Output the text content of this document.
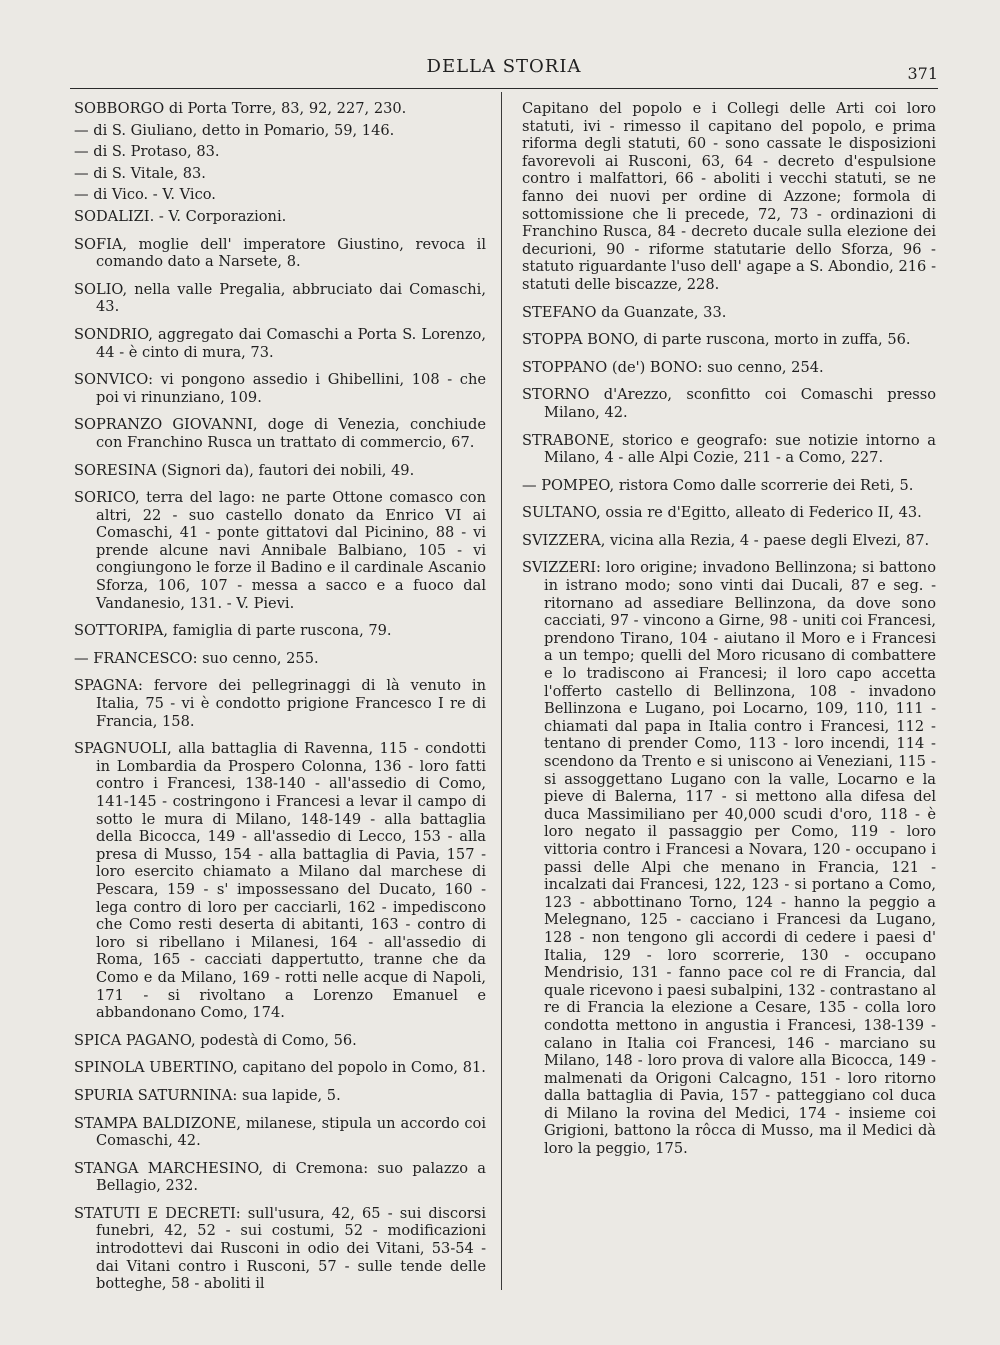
DELLA STORIA	371

SOBBORGO di Porta Torre, 83, 92, 227, 230.

— di S. Giuliano, detto in Pomario, 59, 146.

— di S. Protaso, 83.

— di S. Vitale, 83.

— di Vico. - V. Vico.

SODALIZI. - V. Corporazioni.

SOFIA, moglie dell' imperatore Giustino, revoca il comando dato a Narsete, 8.

SOLIO, nella valle Pregalia, abbruciato dai Comaschi, 43.

SONDRIO, aggregato dai Comaschi a Porta S. Lorenzo, 44 - è cinto di mura, 73.

SONVICO: vi pongono assedio i Ghibellini, 108 - che poi vi rinunziano, 109.

SOPRANZO GIOVANNI, doge di Venezia, conchiude con Franchino Rusca un trattato di commercio, 67.

SORESINA (Signori da), fautori dei nobili, 49.

SORICO, terra del lago: ne parte Ottone comasco con altri, 22 - suo castello donato da Enrico VI ai Comaschi, 41 - ponte gittatovi dal Picinino, 88 - vi prende alcune navi Annibale Balbiano, 105 - vi congiungono le forze il Badino e il cardinale Ascanio Sforza, 106, 107 - messa a sacco e a fuoco dal Vandanesio, 131. - V. Pievi.

SOTTORIPA, famiglia di parte ruscona, 79.

— FRANCESCO: suo cenno, 255.

SPAGNA: fervore dei pellegrinaggi di là venuto in Italia, 75 - vi è condotto prigione Francesco I re di Francia, 158.

SPAGNUOLI, alla battaglia di Ravenna, 115 - condotti in Lombardia da Prospero Colonna, 136 - loro fatti contro i Francesi, 138-140 - all'assedio di Como, 141-145 - costringono i Francesi a levar il campo di sotto le mura di Milano, 148-149 - alla battaglia della Bicocca, 149 - all'assedio di Lecco, 153 - alla presa di Musso, 154 - alla battaglia di Pavia, 157 - loro esercito chiamato a Milano dal marchese di Pescara, 159 - s' impossessano del Ducato, 160 - lega contro di loro per cacciarli, 162 - impediscono che Como resti deserta di abitanti, 163 - contro di loro si ribellano i Milanesi, 164 - all'assedio di Roma, 165 - cacciati dappertutto, tranne che da Como e da Milano, 169 - rotti nelle acque di Napoli, 171 - si rivoltano a Lorenzo Emanuel e abbandonano Como, 174.

SPICA PAGANO, podestà di Como, 56.

SPINOLA UBERTINO, capitano del popolo in Como, 81.

SPURIA SATURNINA: sua lapide, 5.

STAMPA BALDIZONE, milanese, stipula un accordo coi Comaschi, 42.

STANGA MARCHESINO, di Cremona: suo palazzo a Bellagio, 232.

STATUTI E DECRETI: sull'usura, 42, 65 - sui discorsi funebri, 42, 52 - sui costumi, 52 - modificazioni introdottevi dai Rusconi in odio dei Vitani, 53-54 - dai Vitani contro i Rusconi, 57 - sulle tende delle botteghe, 58 - aboliti il

Capitano del popolo e i Collegi delle Arti coi loro statuti, ivi - rimesso il capitano del popolo, e prima riforma degli statuti, 60 - sono cassate le disposizioni favorevoli ai Rusconi, 63, 64 - decreto d'espulsione contro i malfattori, 66 - aboliti i vecchi statuti, se ne fanno dei nuovi per ordine di Azzone; formola di sottomissione che li precede, 72, 73 - ordinazioni di Franchino Rusca, 84 - decreto ducale sulla elezione dei decurioni, 90 - riforme statutarie dello Sforza, 96 - statuto riguardante l'uso dell' agape a S. Abondio, 216 - statuti delle biscazze, 228.

STEFANO da Guanzate, 33.

STOPPA BONO, di parte ruscona, morto in zuffa, 56.

STOPPANO (de') BONO: suo cenno, 254.

STORNO d'Arezzo, sconfitto coi Comaschi presso Milano, 42.

STRABONE, storico e geografo: sue notizie intorno a Milano, 4 - alle Alpi Cozie, 211 - a Como, 227.

— POMPEO, ristora Como dalle scorrerie dei Reti, 5.

SULTANO, ossia re d'Egitto, alleato di Federico II, 43.

SVIZZERA, vicina alla Rezia, 4 - paese degli Elvezi, 87.

SVIZZERI: loro origine; invadono Bellinzona; si battono in istrano modo; sono vinti dai Ducali, 87 e seg. - ritornano ad assediare Bellinzona, da dove sono cacciati, 97 - vincono a Girne, 98 - uniti coi Francesi, prendono Tirano, 104 - aiutano il Moro e i Francesi a un tempo; quelli del Moro ricusano di combattere e lo tradiscono ai Francesi; il loro capo accetta l'offerto castello di Bellinzona, 108 - invadono Bellinzona e Lugano, poi Locarno, 109, 110, 111 - chiamati dal papa in Italia contro i Francesi, 112 - tentano di prender Como, 113 - loro incendi, 114 - scendono da Trento e si uniscono ai Veneziani, 115 - si assoggettano Lugano con la valle, Locarno e la pieve di Balerna, 117 - si mettono alla difesa del duca Massimiliano per 40,000 scudi d'oro, 118 - è loro negato il passaggio per Como, 119 - loro vittoria contro i Francesi a Novara, 120 - occupano i passi delle Alpi che menano in Francia, 121 - incalzati dai Francesi, 122, 123 - si portano a Como, 123 - abbottinano Torno, 124 - hanno la peggio a Melegnano, 125 - cacciano i Francesi da Lugano, 128 - non tengono gli accordi di cedere i paesi d' Italia, 129 - loro scorrerie, 130 - occupano Mendrisio, 131 - fanno pace col re di Francia, dal quale ricevono i paesi subalpini, 132 - contrastano al re di Francia la elezione a Cesare, 135 - colla loro condotta mettono in angustia i Francesi, 138-139 - calano in Italia coi Francesi, 146 - marciano su Milano, 148 - loro prova di valore alla Bicocca, 149 - malmenati da Origoni Calcagno, 151 - loro ritorno dalla battaglia di Pavia, 157 - patteggiano col duca di Milano la rovina del Medici, 174 - insieme coi Grigioni, battono la rôcca di Musso, ma il Medici dà loro la peggio, 175.
